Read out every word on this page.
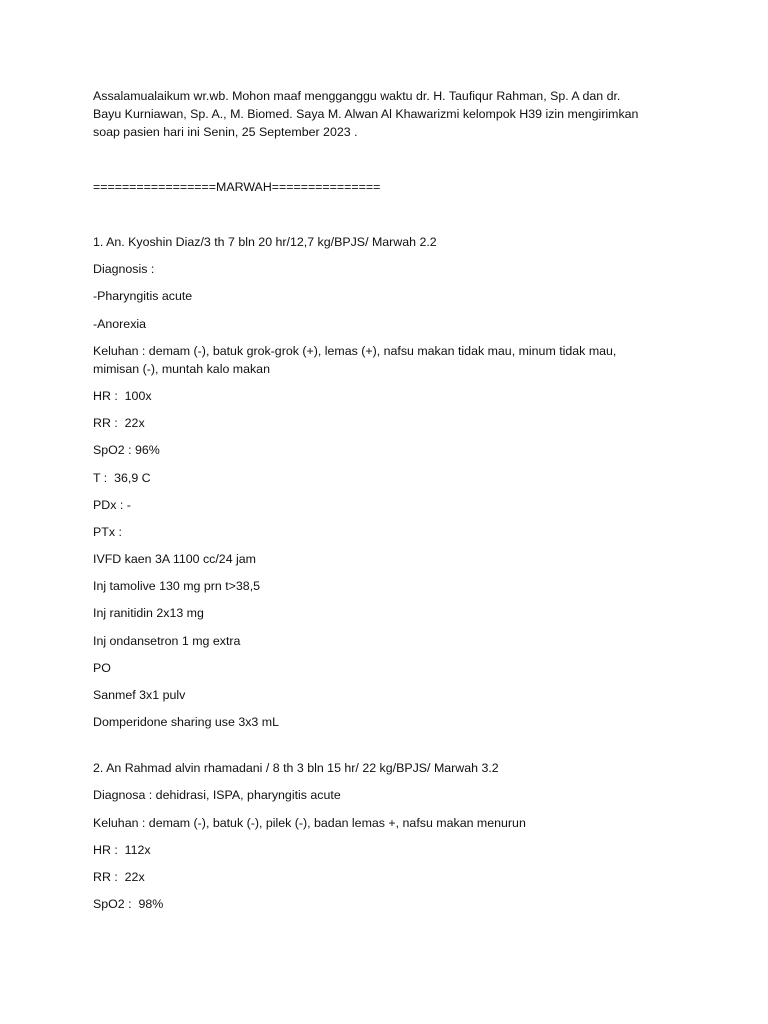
Assalamualaikum wr.wb. Mohon maaf mengganggu waktu dr. H. Taufiqur Rahman, Sp. A dan dr.
Bayu Kurniawan, Sp. A., M. Biomed. Saya M. Alwan Al Khawarizmi kelompok H39 izin mengirimkan
soap pasien hari ini Senin, 25 September 2023 .

=================MARWAH===============
1. An. Kyoshin Diaz/3 th 7 bln 20 hr/12,7 kg/BPJS/ Marwah 2.2
Diagnosis :
-Pharyngitis acute
-Anorexia
Keluhan : demam (-), batuk grok-grok (+), lemas (+), nafsu makan tidak mau, minum tidak mau,
mimisan (-), muntah kalo makan
HR :  100x
RR :  22x
SpO2 : 96%
T :  36,9 C
PDx : -
PTx :
IVFD kaen 3A 1100 cc/24 jam
Inj tamolive 130 mg prn t>38,5
Inj ranitidin 2x13 mg
Inj ondansetron 1 mg extra
PO
Sanmef 3x1 pulv
Domperidone sharing use 3x3 mL
2. An Rahmad alvin rhamadani / 8 th 3 bln 15 hr/ 22 kg/BPJS/ Marwah 3.2
Diagnosa : dehidrasi, ISPA, pharyngitis acute
Keluhan : demam (-), batuk (-), pilek (-), badan lemas +, nafsu makan menurun
HR :  112x
RR :  22x
SpO2 :  98%
